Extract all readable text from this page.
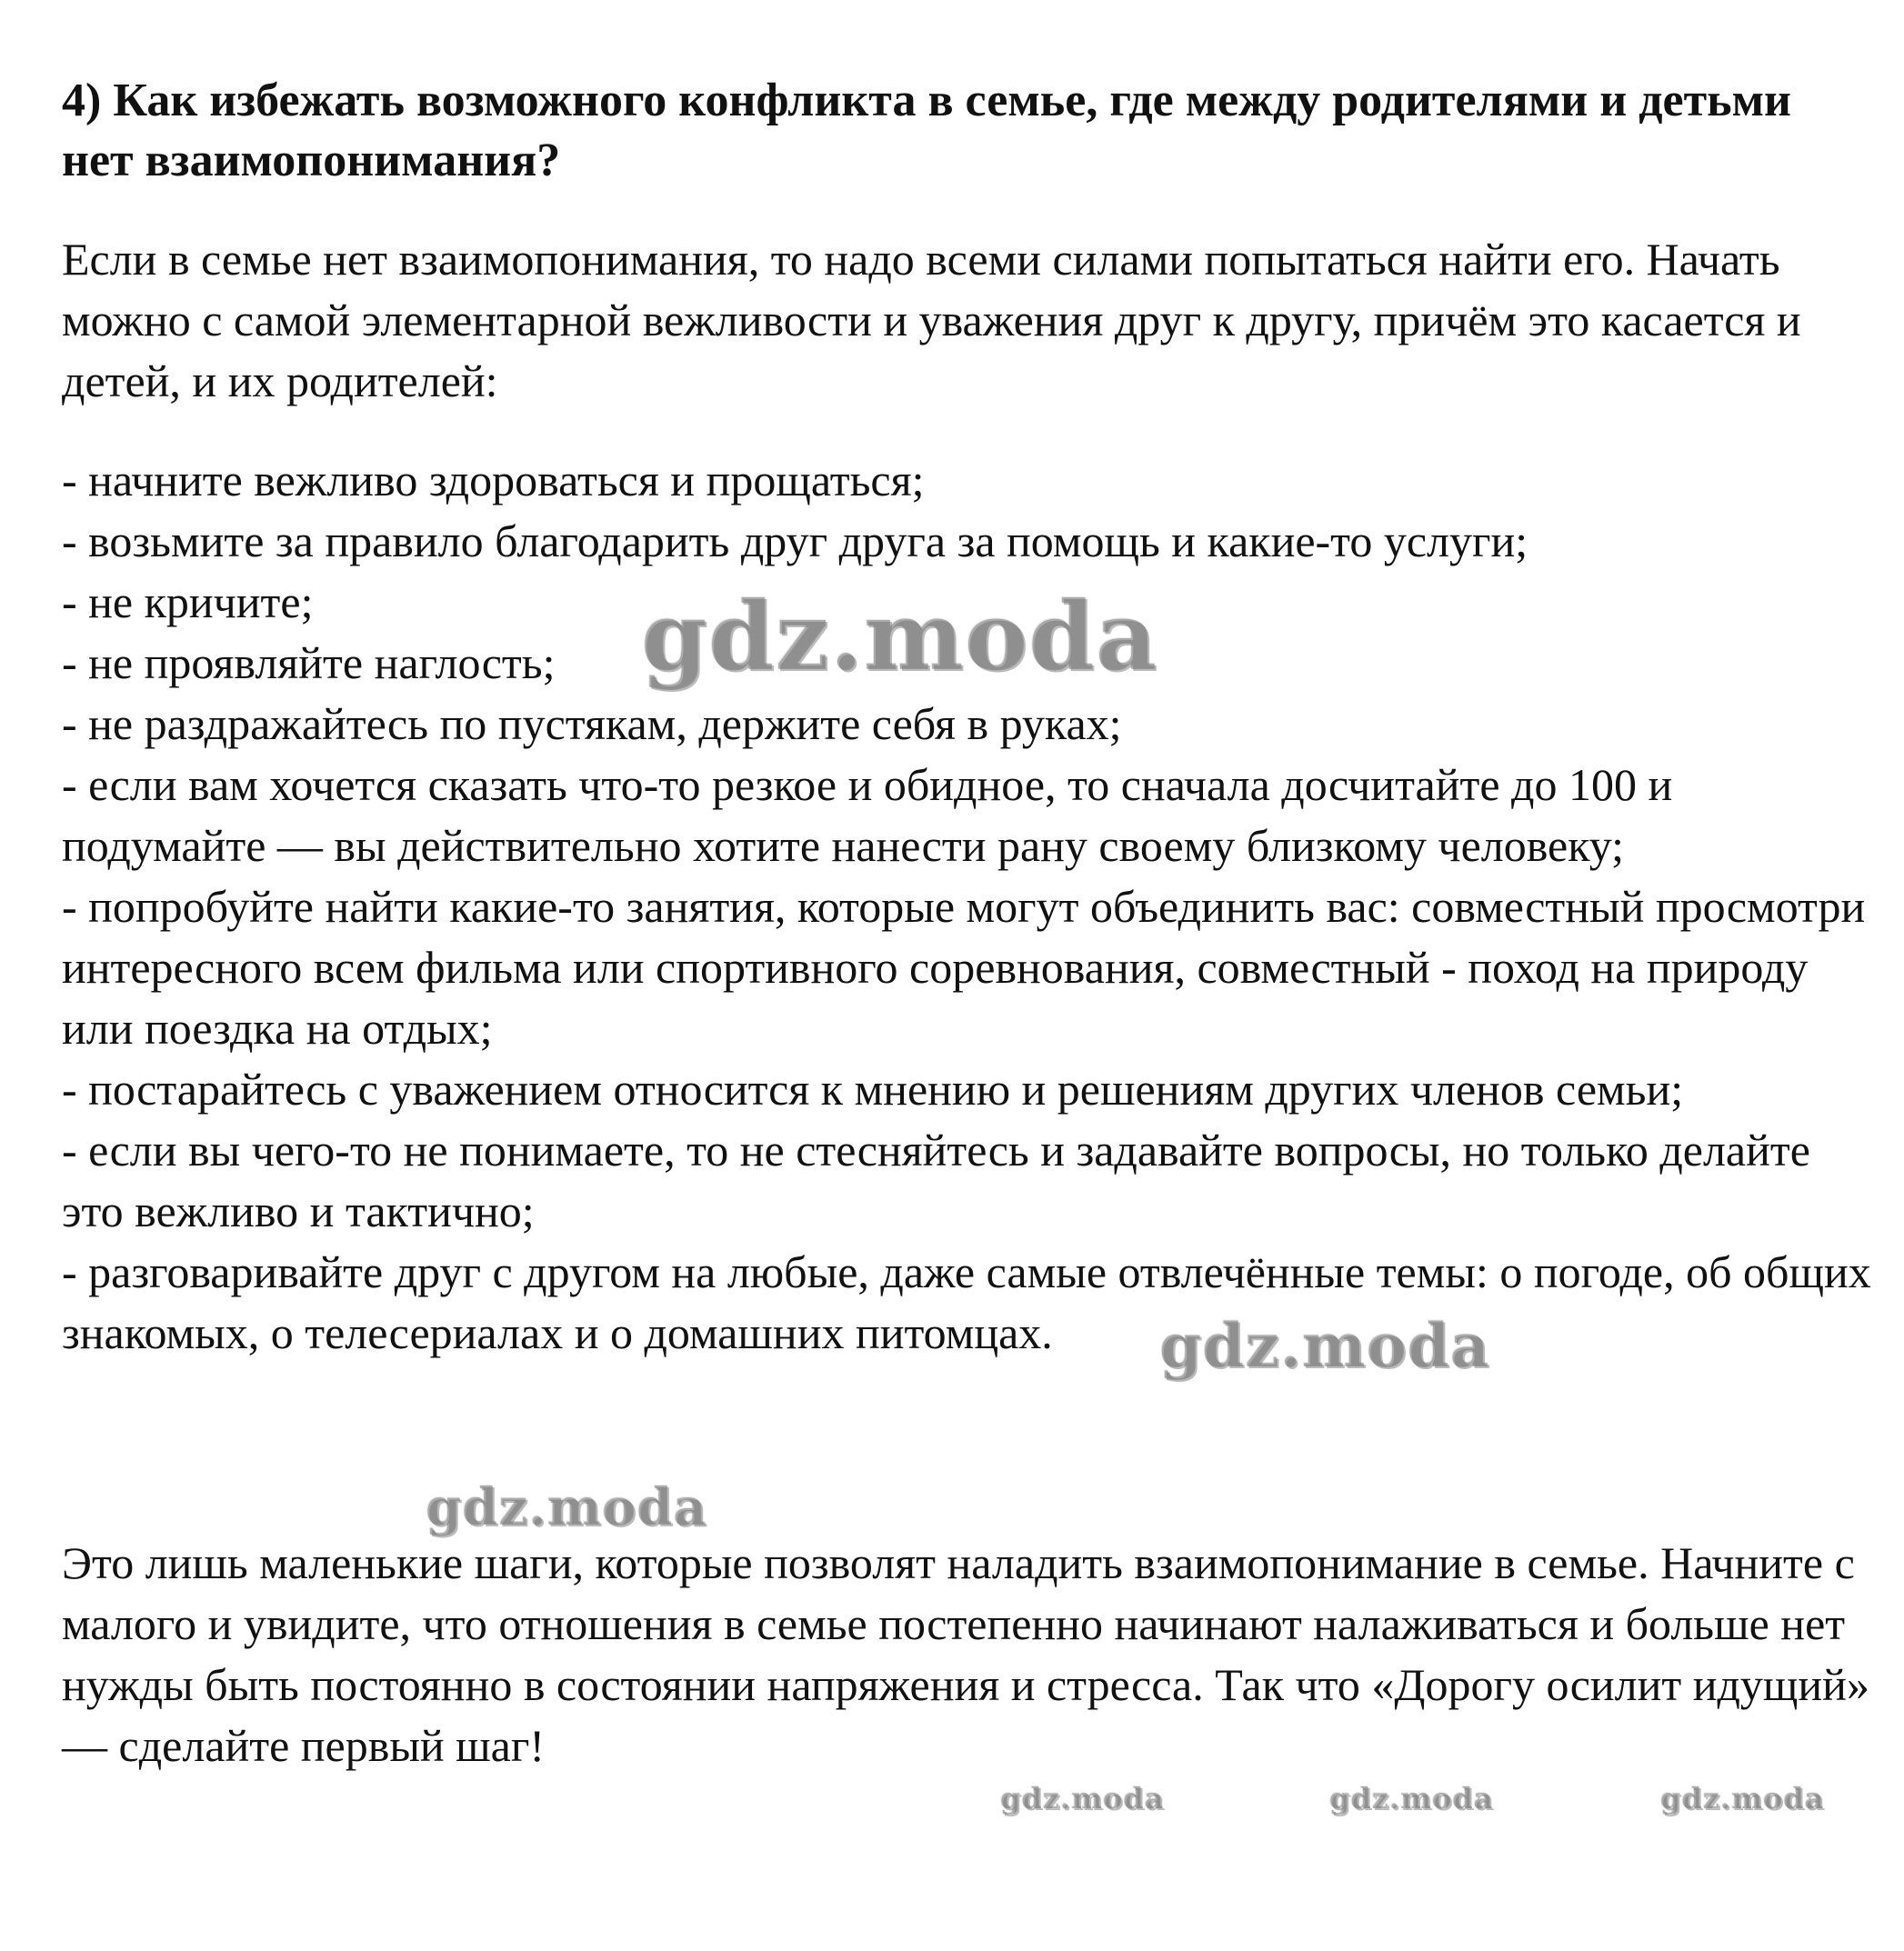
4) Как избежать возможного конфликта в семье, где между родителями и детьми нет взаимопонимания?

Если в семье нет взаимопонимания, то надо всеми силами попытаться найти его. Начать можно с самой элементарной вежливости и уважения друг к другу, причём это касается и детей, и их родителей:

- начните вежливо здороваться и прощаться;
- возьмите за правило благодарить друг друга за помощь и какие-то услуги;
- не кричите;
- не проявляйте наглость;
- не раздражайтесь по пустякам, держите себя в руках;
- если вам хочется сказать что-то резкое и обидное, то сначала досчитайте до 100 и подумайте — вы действительно хотите нанести рану своему близкому человеку;
- попробуйте найти какие-то занятия, которые могут объединить вас: совместный просмотри интересного всем фильма или спортивного соревнования, совместный - поход на природу или поездка на отдых;
- постарайтесь с уважением относится к мнению и решениям других членов семьи;
- если вы чего-то не понимаете, то не стесняйтесь и задавайте вопросы, но только делайте это вежливо и тактично;
- разговаривайте друг с другом на любые, даже самые отвлечённые темы: о погоде, об общих знакомых, о телесериалах и о домашних питомцах.

Это лишь маленькие шаги, которые позволят наладить взаимопонимание в семье. Начните с малого и увидите, что отношения в семье постепенно начинают налаживаться и больше нет нужды быть постоянно в состоянии напряжения и стресса. Так что «Дорогу осилит идущий» — сделайте первый шаг!

gdz.moda
gdz.moda
gdz.moda
gdz.moda	gdz.moda	gdz.moda
